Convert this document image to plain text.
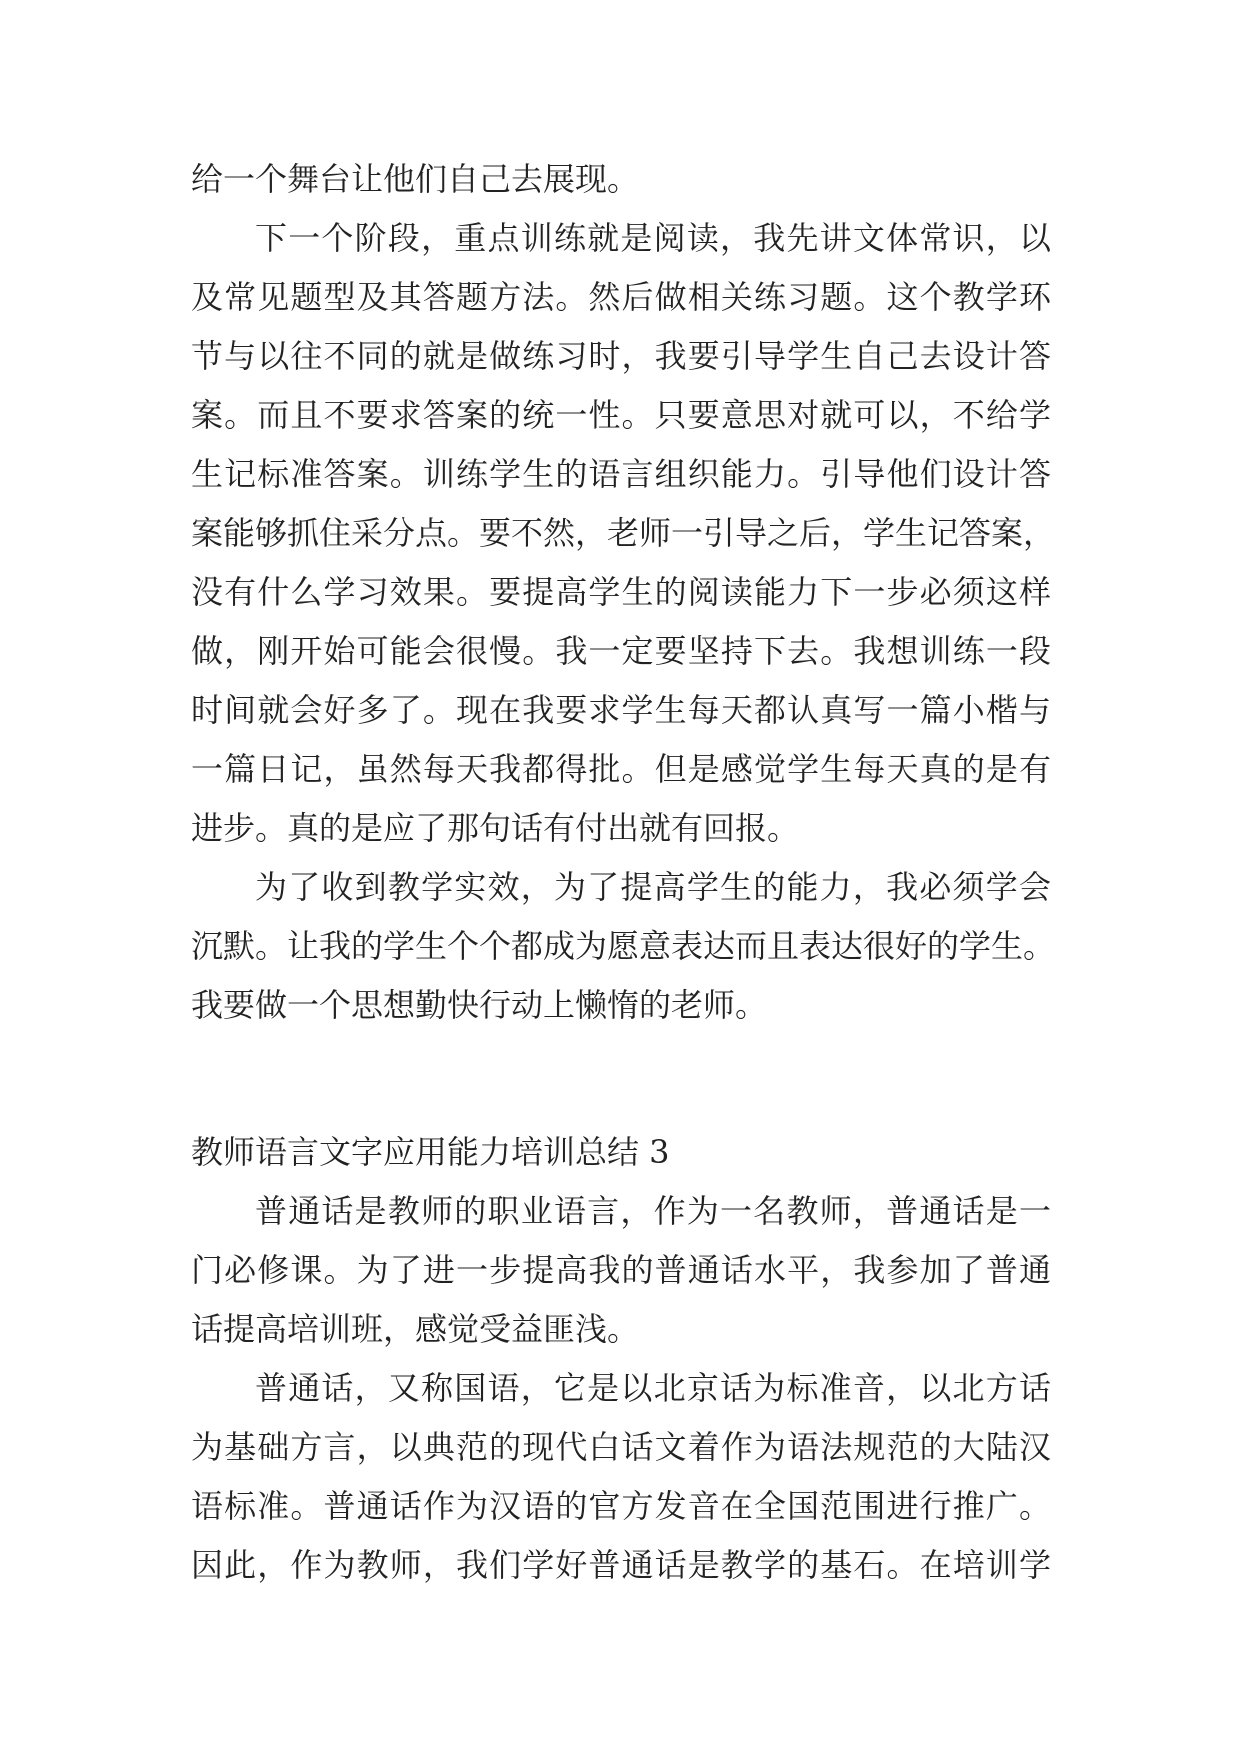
给一个舞台让他们自己去展现。
下一个阶段，重点训练就是阅读，我先讲文体常识，以
及常见题型及其答题方法。然后做相关练习题。这个教学环
节与以往不同的就是做练习时，我要引导学生自己去设计答
案。而且不要求答案的统一性。只要意思对就可以，不给学
生记标准答案。训练学生的语言组织能力。引导他们设计答
案能够抓住采分点。要不然，老师一引导之后，学生记答案，
没有什么学习效果。要提高学生的阅读能力下一步必须这样
做，刚开始可能会很慢。我一定要坚持下去。我想训练一段
时间就会好多了。现在我要求学生每天都认真写一篇小楷与
一篇日记，虽然每天我都得批。但是感觉学生每天真的是有
进步。真的是应了那句话有付出就有回报。
为了收到教学实效，为了提高学生的能力，我必须学会
沉默。让我的学生个个都成为愿意表达而且表达很好的学生。
我要做一个思想勤快行动上懒惰的老师。
教师语言文字应用能力培训总结 3
普通话是教师的职业语言，作为一名教师，普通话是一
门必修课。为了进一步提高我的普通话水平，我参加了普通
话提高培训班，感觉受益匪浅。
普通话，又称国语，它是以北京话为标准音，以北方话
为基础方言，以典范的现代白话文着作为语法规范的大陆汉
语标准。普通话作为汉语的官方发音在全国范围进行推广。
因此，作为教师，我们学好普通话是教学的基石。在培训学
